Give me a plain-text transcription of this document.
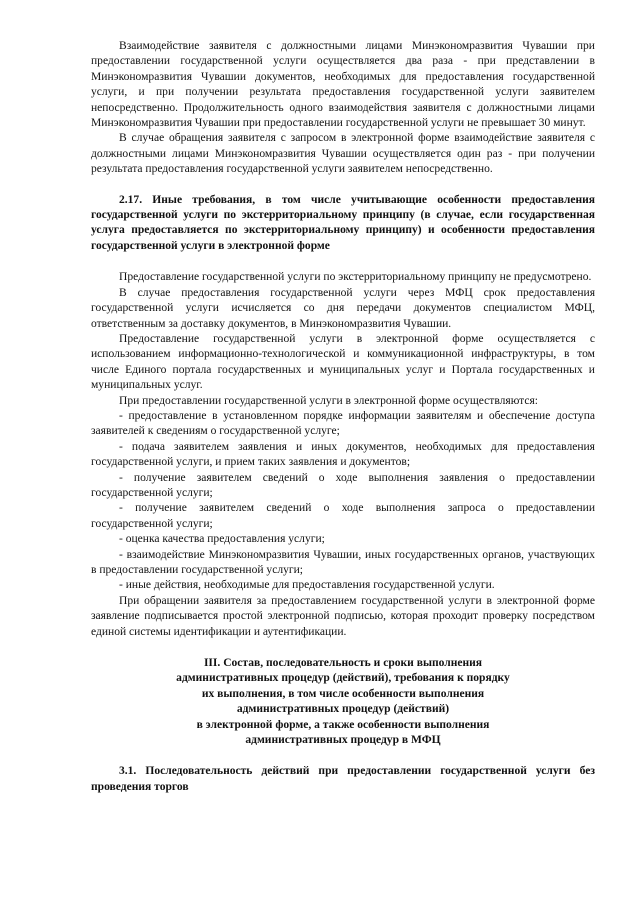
Взаимодействие заявителя с должностными лицами Минэкономразвития Чувашии при предоставлении государственной услуги осуществляется два раза - при представлении в Минэкономразвития Чувашии документов, необходимых для предоставления государственной услуги, и при получении результата предоставления государственной услуги заявителем непосредственно. Продолжительность одного взаимодействия заявителя с должностными лицами Минэкономразвития Чувашии при предоставлении государственной услуги не превышает 30 минут.

В случае обращения заявителя с запросом в электронной форме взаимодействие заявителя с должностными лицами Минэкономразвития Чувашии осуществляется один раз - при получении результата предоставления государственной услуги заявителем непосредственно.

2.17. Иные требования, в том числе учитывающие особенности предоставления государственной услуги по экстерриториальному принципу (в случае, если государственная услуга предоставляется по экстерриториальному принципу) и особенности предоставления государственной услуги в электронной форме

Предоставление государственной услуги по экстерриториальному принципу не предусмотрено.

В случае предоставления государственной услуги через МФЦ срок предоставления государственной услуги исчисляется со дня передачи документов специалистом МФЦ, ответственным за доставку документов, в Минэкономразвития Чувашии.

Предоставление государственной услуги в электронной форме осуществляется с использованием информационно-технологической и коммуникационной инфраструктуры, в том числе Единого портала государственных и муниципальных услуг и Портала государственных и муниципальных услуг.

При предоставлении государственной услуги в электронной форме осуществляются:

- предоставление в установленном порядке информации заявителям и обеспечение доступа заявителей к сведениям о государственной услуге;

- подача заявителем заявления и иных документов, необходимых для предоставления государственной услуги, и прием таких заявления и документов;

- получение заявителем сведений о ходе выполнения заявления о предоставлении государственной услуги;

- получение заявителем сведений о ходе выполнения запроса о предоставлении государственной услуги;

- оценка качества предоставления услуги;

- взаимодействие Минэкономразвития Чувашии, иных государственных органов, участвующих в предоставлении государственной услуги;

- иные действия, необходимые для предоставления государственной услуги.

При обращении заявителя за предоставлением государственной услуги в электронной форме заявление подписывается простой электронной подписью, которая проходит проверку посредством единой системы идентификации и аутентификации.

III. Состав, последовательность и сроки выполнения

административных процедур (действий), требования к порядку

их выполнения, в том числе особенности выполнения

административных процедур (действий)

в электронной форме, а также особенности выполнения

административных процедур в МФЦ

3.1. Последовательность действий при предоставлении государственной услуги без проведения торгов
